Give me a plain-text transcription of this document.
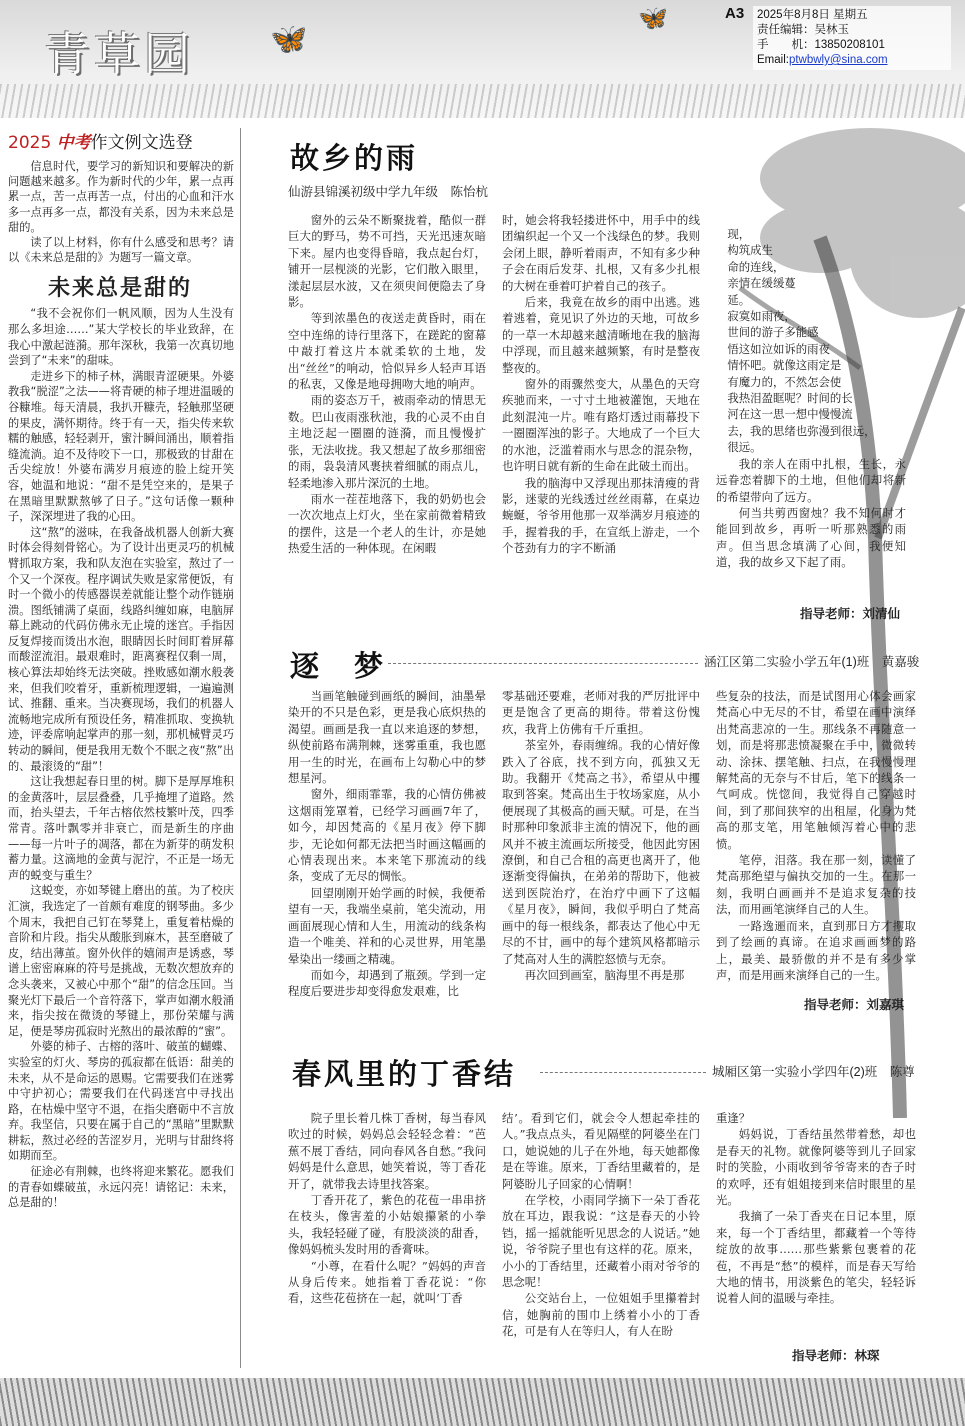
青草园	🦋
🦋	A3 2025年8月8日 星期五
责任编辑：吴林玉
手　　机：13850208101
Email:ptwbwly@sina.com
2025 中考作文例文选登

信息时代，要学习的新知识和要解决的新问题越来越多。作为新时代的少年，累一点再累一点，苦一点再苦一点，付出的心血和汗水多一点再多一点，都没有关系，因为未来总是甜的。

读了以上材料，你有什么感受和思考？请以《未来总是甜的》为题写一篇文章。

未来总是甜的

“我不会祝你们一帆风顺，因为人生没有那么多坦途……”某大学校长的毕业致辞，在我心中激起涟漪。那年深秋，我第一次真切地尝到了“未来”的甜味。

走进乡下的柿子林，满眼青涩硬果。外婆教我“脱涩”之法——将青硬的柿子埋进温暖的谷糠堆。每天清晨，我扒开糠壳，轻触那坚硬的果皮，满怀期待。终于有一天，指尖传来软糯的触感，轻轻剥开，蜜汁瞬间涌出，顺着指缝流淌。迫不及待咬下一口，那极致的甘甜在舌尖绽放！外婆布满岁月痕迹的脸上绽开笑容，她温和地说：“甜不是凭空来的，是果子在黑暗里默默熬够了日子。”这句话像一颗种子，深深埋进了我的心田。

这“熬”的滋味，在我备战机器人创新大赛时体会得刻骨铭心。为了设计出更灵巧的机械臂抓取方案，我和队友泡在实验室，熬过了一个又一个深夜。程序调试失败是家常便饭，有时一个微小的传感器误差就能让整个动作链崩溃。图纸铺满了桌面，线路纠缠如麻，电脑屏幕上跳动的代码仿佛永无止境的迷宫。手指因反复焊接而烫出水泡，眼睛因长时间盯着屏幕而酸涩流泪。最艰难时，距离赛程仅剩一周，核心算法却始终无法突破。挫败感如潮水般袭来，但我们咬着牙，重新梳理逻辑，一遍遍测试、推翻、重来。当决赛现场，我们的机器人流畅地完成所有预设任务，精准抓取、变换轨迹，评委席响起掌声的那一刻，那机械臂灵巧转动的瞬间，便是我用无数个不眠之夜“熬”出的、最滚烫的“甜”！

这让我想起春日里的树。脚下是厚厚堆积的金黄落叶，层层叠叠，几乎掩埋了道路。然而，抬头望去，千年古榕依然枝繁叶茂，四季常青。落叶飘零并非衰亡，而是新生的序曲——每一片叶子的凋落，都在为新芽的萌发积蓄力量。这滴地的金黄与泥泞，不正是一场无声的蜕变与重生？

这蜕变，亦如琴键上磨出的茧。为了校庆汇演，我选定了一首颇有难度的钢琴曲。多少个周末，我把自己钉在琴凳上，重复着枯燥的音阶和片段。指尖从酸胀到麻木，甚至磨破了皮，结出薄茧。窗外伙伴的嬉闹声是诱惑，琴谱上密密麻麻的符号是挑战，无数次想放弃的念头袭来，又被心中那个“甜”的信念压回。当聚光灯下最后一个音符落下，掌声如潮水般涌来，指尖按在微烫的琴键上，那份荣耀与满足，便是琴房孤寂时光熬出的最浓醇的“蜜”。

外婆的柿子、古榕的落叶、破茧的蝴蝶、实验室的灯火、琴房的孤寂都在低语：甜美的未来，从不是命运的恩赐。它需要我们在迷雾中守护初心；需要我们在代码迷宫中寻找出路，在枯燥中坚守不退，在指尖磨砺中不言放弃。我坚信，只要在属于自己的“黑暗”里默默耕耘，熬过必经的苦涩岁月，光明与甘甜终将如期而至。

征途必有荆棘，也终将迎来繁花。愿我们的青春如蝶破茧，永远闪亮！请铭记：未来，总是甜的！

故乡的雨
仙游县锦溪初级中学九年级　陈怡杭

窗外的云朵不断聚拢着，酷似一群巨大的野马，势不可挡，天光迅速灰暗下来。屋内也变得昏暗，我点起台灯，铺开一层枧淡的光影，它们散入眼里，漾起层层水波，又在须臾间便隐去了身影。

等到浓墨色的夜送走黄昏时，雨在空中连绵的诗行里落下，在蹉跎的窗幕中敲打着这片本就柔软的土地，发出“丝丝”的响动，恰似异乡人轻声耳语的私衷，又像是地母拥吻大地的响声。

雨的姿态万千，被雨牵动的情思无数。巴山夜雨涨秋池，我的心灵不由自主地泛起一圈圈的涟漪，而且慢慢扩张，无法收拢。我又想起了故乡那细密的雨，袅袅清风裹挟着细腻的雨点儿，轻柔地渗入那片深沉的土地。

雨水一茬茬地落下，我的奶奶也会一次次地点上灯火，坐在家前微着精致的摆件，这是一个老人的生计，亦是她热爱生活的一种体现。在闲暇

时，她会将我轻搂进怀中，用手中的线团编织起一个又一个浅绿色的梦。我则会闭上眼，静听着雨声，不知有多少种子会在雨后发芽、扎根，又有多少扎根的大树在垂着叮护着自己的孩子。

后来，我竟在故乡的雨中出逃。逃着逃着，竟见识了外边的天地，可故乡的一草一木却越来越清晰地在我的脑海中浮现，而且越来越频繁，有时是整夜整夜的。

窗外的雨骤然变大，从墨色的天穹疾驰而来，一寸寸土地被灌饱，天地在此刻混沌一片。唯有路灯透过雨幕投下一圈圈浑浊的影子。大地成了一个巨大的水池，泛滥着雨水与思念的混杂物，也许明日就有新的生命在此破土而出。

我的脑海中又浮现出那抹清瘦的背影，迷蒙的光线透过丝丝雨幕，在桌边蜿蜒，爷爷用他那一双举满岁月痕迹的手，握着我的手，在宣纸上游走，一个个苍劲有力的字不断涌

现，

构筑成生

命的连线，

亲情在缓缓蔓

延。

寂寞如雨夜，

世间的游子多能感

悟这如泣如诉的雨夜

情怀吧。就像这雨定是

有魔力的，不然怎会使

我热泪盈眶呢？时间的长

河在这一思一想中慢慢流

去，我的思绪也弥漫到很远，

很远。

我的亲人在雨中扎根，生长，永远眷恋着脚下的土地，但他们却将新的希望带向了远方。

何当共剪西窗烛？我不知何时才能回到故乡，再听一听那熟悉的雨声。但当思念填满了心间，我便知道，我的故乡又下起了雨。

指导老师：刘清仙
逐　梦	涵江区第二实验小学五年(1)班　黄嘉骏

当画笔触碰到画纸的瞬间，油墨晕染开的不只是色彩，更是我心底炽热的渴望。画画是我一直以来追逐的梦想，纵使前路布满荆棘，迷雾重重，我也愿用一生的时光，在画布上勾勒心中的梦想星河。

窗外，细雨霏霏，我的心情仿佛被这烟雨笼罩着，已经学习画画7年了，如今，却因梵高的《星月夜》停下脚步，无论如何都无法把当时画这幅画的心情表现出来。本来笔下那流动的线条，变成了无尽的惆怅。

回望刚刚开始学画的时候，我便希望有一天，我端坐桌前，笔尖流动，用画面展现心情和人生，用流动的线条构造一个唯美、祥和的心灵世界，用笔墨晕染出一缕画之精魂。

而如今，却遇到了瓶颈。学到一定程度后要进步却变得愈发艰难，比

零基础还要难，老师对我的严厉批评中更是饱含了更高的期待。带着这份愧疚，我背上仿佛有千斤重担。

茶室外，春雨缠绵。我的心情好像跌入了谷底，找不到方向，孤独又无助。我翻开《梵高之书》，希望从中攫取到答案。梵高出生于牧场家庭，从小便展现了其极高的画天赋。可是，在当时那种印象派非主流的情况下，他的画风并不被主流画坛所接受，他因此穷困潦倒，和自己合租的高更也离开了，他逐渐变得偏执，在弟弟的帮助下，他被送到医院治疗，在治疗中画下了这幅《星月夜》，瞬间，我似乎明白了梵高画中的每一根线条，都表达了他心中无尽的不甘，画中的每个建筑风格都暗示了梵高对人生的满腔怒愤与无奈。

再次回到画室，脑海里不再是那

些复杂的技法，而是试图用心体会画家梵高心中无尽的不甘，希望在画中演绎出梵高悲凉的一生。那线条不再随意一划，而是将那悲愤凝聚在手中，微微转动、涂抹、摆笔触、扫点，在我慢慢理解梵高的无奈与不甘后，笔下的线条一气呵成。恍惚间，我觉得自己穿越时间，到了那间狭窄的出租屋，化身为梵高的那支笔，用笔触倾泻着心中的悲愤。

笔停，泪落。我在那一刻，读懂了梵高那绝望与偏执交加的一生。在那一刻，我明白画画并不是追求复杂的技法，而用画笔演绎自己的人生。

一路逸逦而来，直到那日方才攫取到了绘画的真谛。在追求画画梦的路上，最美、最骄傲的并不是有多少掌声，而是用画来演绎自己的一生。

指导老师：刘嘉琪
春风里的丁香结	城厢区第一实验小学四年(2)班　陈尊

院子里长着几株丁香树，每当春风吹过的时候，妈妈总会轻轻念着：“芭蕉不展丁香结，同向春风各自愁。”我问妈妈是什么意思，她笑着说，等丁香花开了，就带我去诗里找答案。

丁香开花了，紫色的花苞一串串挤在枝头，像害羞的小姑娘攥紧的小拳头，我轻轻碰了碰，有股淡淡的甜香，像妈妈梳头发时用的香膏味。

“小尊，在看什么呢？”妈妈的声音从身后传来。她指着丁香花说：“你看，这些花苞挤在一起，就叫‘丁香

结’。看到它们，就会令人想起牵挂的人。”我点点头，看见隔壁的阿婆坐在门口，她说她的儿子在外地，每天她都像是在等谁。原来，丁香结里藏着的，是阿婆盼儿子回家的心情啊！

在学校，小雨同学摘下一朵丁香花放在耳边，跟我说：“这是春天的小铃铛，摇一摇就能听见思念的人说话。”她说，爷爷院子里也有这样的花。原来，小小的丁香结里，还藏着小雨对爷爷的思念呢！

公交站台上，一位姐姐手里攥着封信，她胸前的围巾上绣着小小的丁香花，可是有人在等归人，有人在盼

重逢？

妈妈说，丁香结虽然带着愁，却也是春天的礼物。就像阿婆等到儿子回家时的笑脸，小雨收到爷爷寄来的杏子时的欢呼，还有姐姐接到来信时眼里的星光。

我摘了一朵丁香夹在日记本里，原来，每一个丁香结里，都藏着一个等待绽放的故事……那些紫紫包裹着的花苞，不再是“愁”的模样，而是春天写给大地的情书，用淡紫色的笔尖，轻轻诉说着人间的温暖与牵挂。

指导老师：林琛
